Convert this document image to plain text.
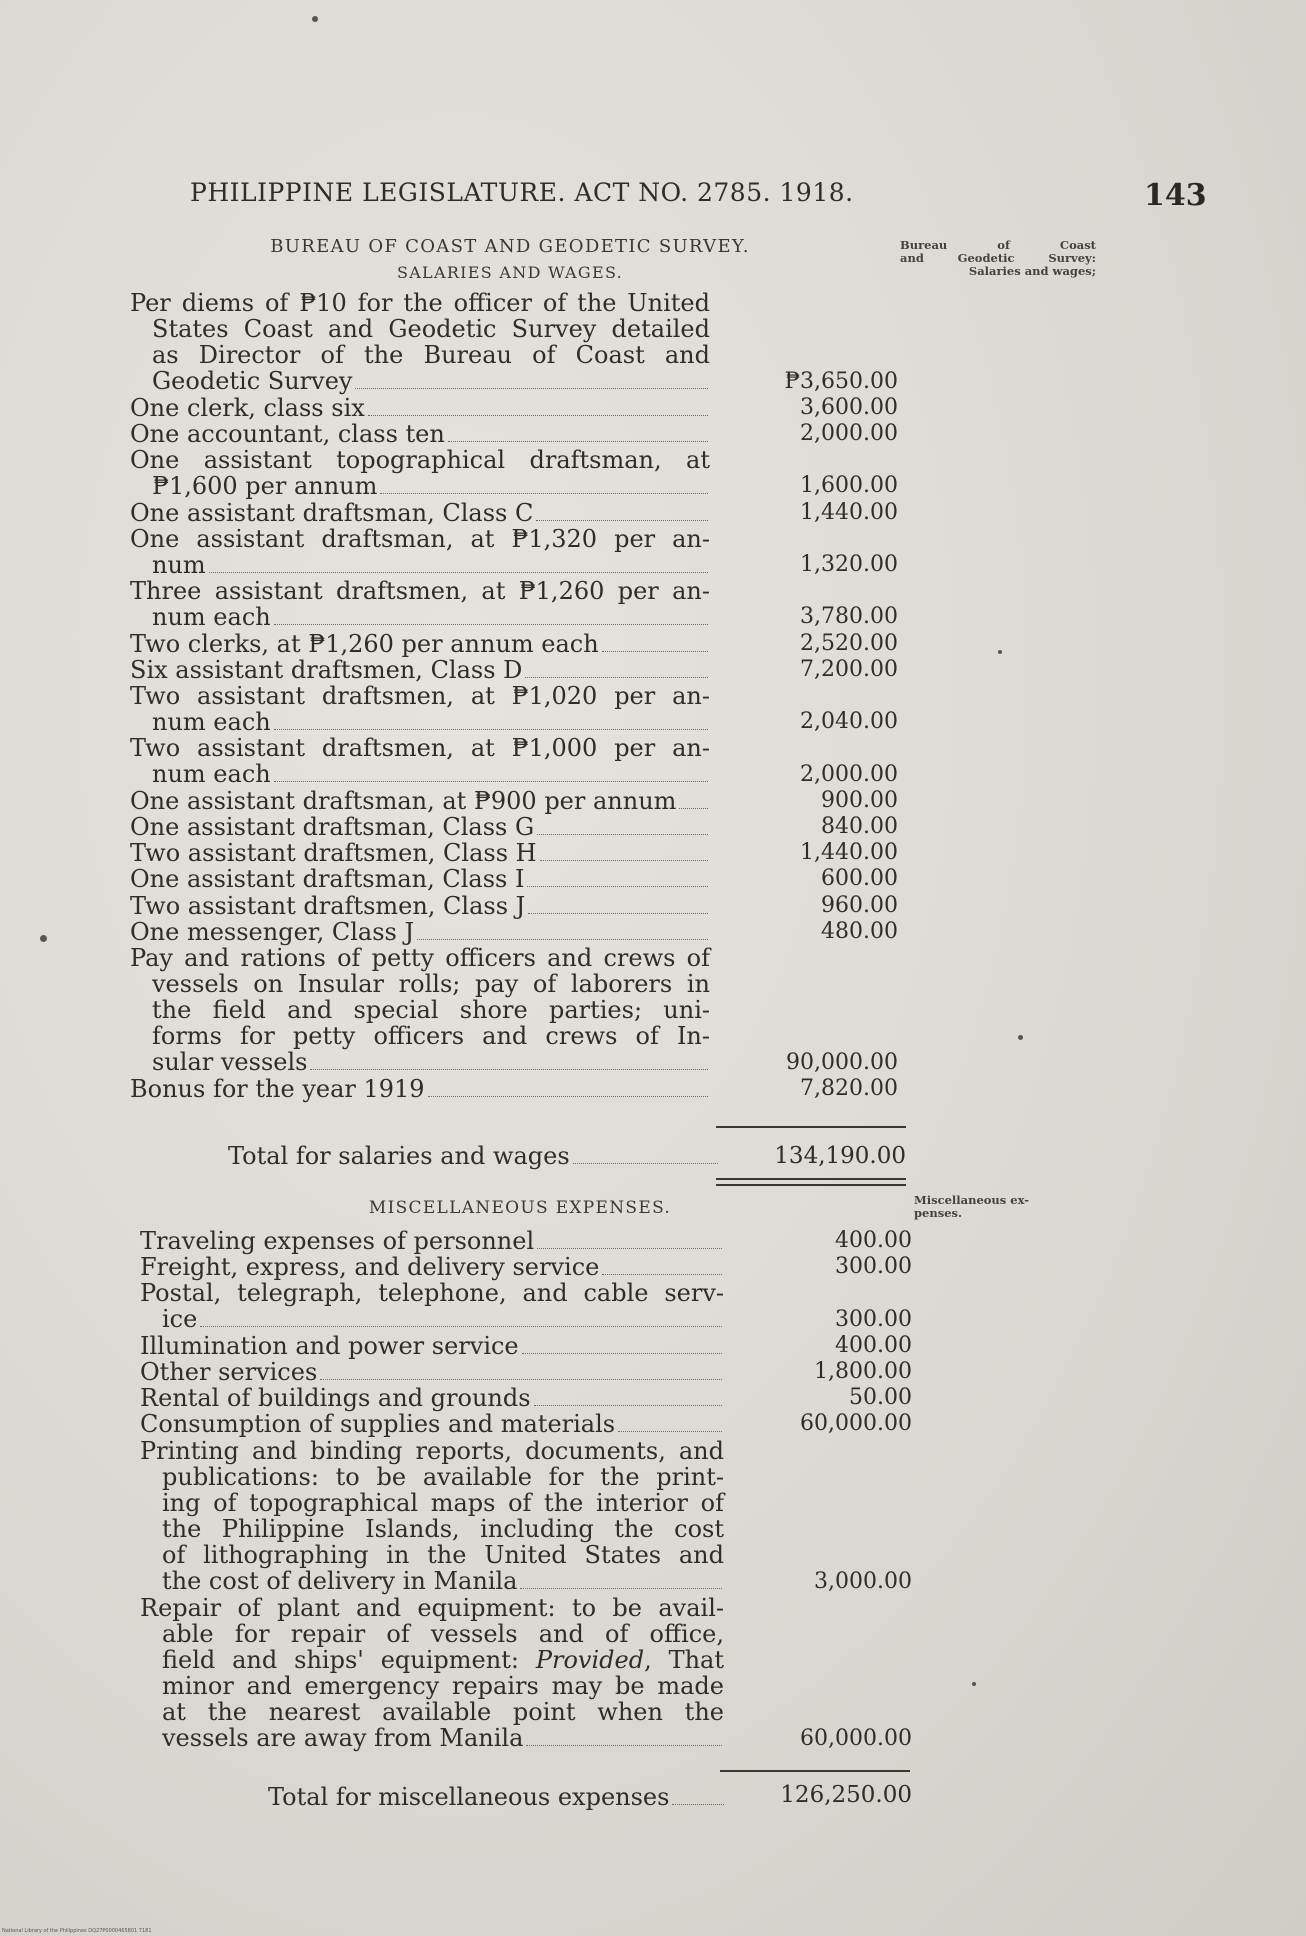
PHILIPPINE LEGISLATURE. ACT NO. 2785. 1918.	143
BUREAU OF COAST AND GEODETIC SURVEY.
SALARIES AND WAGES.
Bureau of Coast
and Geodetic Survey:
Salaries and wages;
Miscellaneous ex-
penses.
Per diems of ₱10 for the officer of the United
States Coast and Geodetic Survey detailed
as Director of the Bureau of Coast and
Geodetic Survey	₱3,650.00
One clerk, class six	3,600.00
One accountant, class ten	2,000.00
One assistant topographical draftsman, at
₱1,600 per annum	1,600.00
One assistant draftsman, Class C	1,440.00
One assistant draftsman, at ₱1,320 per an-
num	1,320.00
Three assistant draftsmen, at ₱1,260 per an-
num each	3,780.00
Two clerks, at ₱1,260 per annum each	2,520.00
Six assistant draftsmen, Class D	7,200.00
Two assistant draftsmen, at ₱1,020 per an-
num each	2,040.00
Two assistant draftsmen, at ₱1,000 per an-
num each	2,000.00
One assistant draftsman, at ₱900 per annum	900.00
One assistant draftsman, Class G	840.00
Two assistant draftsmen, Class H	1,440.00
One assistant draftsman, Class I	600.00
Two assistant draftsmen, Class J	960.00
One messenger, Class J	480.00
Pay and rations of petty officers and crews of
vessels on Insular rolls; pay of laborers in
the field and special shore parties; uni-
forms for petty officers and crews of In-
sular vessels	90,000.00
Bonus for the year 1919	7,820.00
Total for salaries and wages	134,190.00
MISCELLANEOUS EXPENSES.
Traveling expenses of personnel	400.00
Freight, express, and delivery service	300.00
Postal, telegraph, telephone, and cable serv-
ice	300.00
Illumination and power service	400.00
Other services	1,800.00
Rental of buildings and grounds	50.00
Consumption of supplies and materials	60,000.00
Printing and binding reports, documents, and
publications: to be available for the print-
ing of topographical maps of the interior of
the Philippine Islands, including the cost
of lithographing in the United States and
the cost of delivery in Manila	3,000.00
Repair of plant and equipment: to be avail-
able for repair of vessels and of office,
field and ships' equipment: Provided, That
minor and emergency repairs may be made
at the nearest available point when the
vessels are away from Manila	60,000.00
Total for miscellaneous expenses	126,250.00
National Library of the Philippines DQ27P0000465801 7181
